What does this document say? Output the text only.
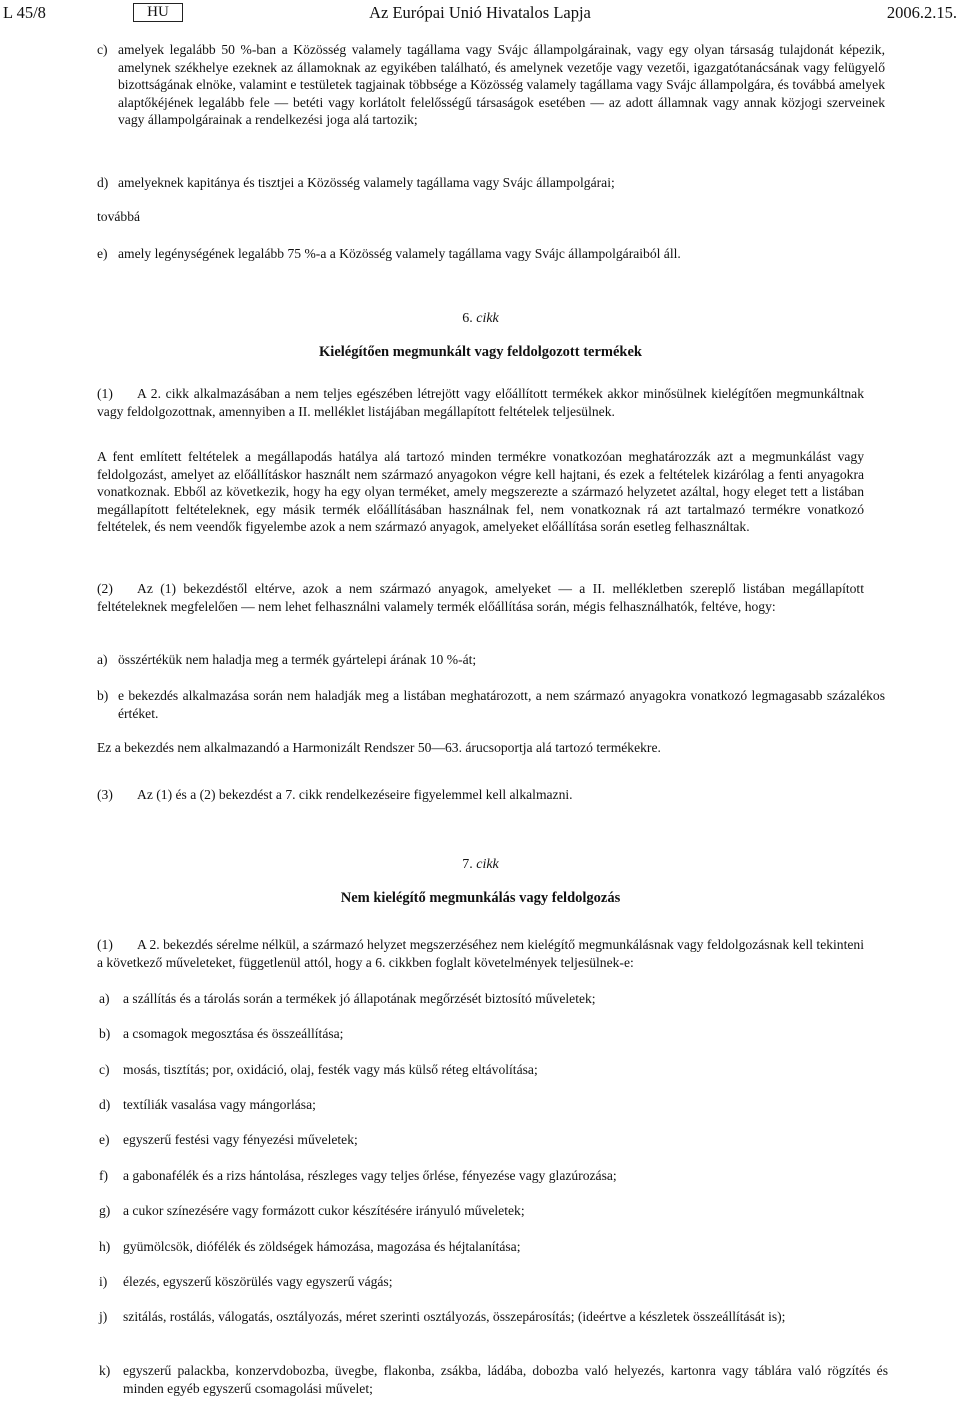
L 45/8	HU	Az Európai Unió Hivatalos Lapja	2006.2.15.

c) amelyek legalább 50 %-ban a Közösség valamely tagállama vagy Svájc állampolgárainak, vagy egy olyan társaság tulajdonát képezik, amelynek székhelye ezeknek az államoknak az egyikében található, és amelynek vezetője vagy vezetői, igazgatótanácsának vagy felügyelő bizottságának elnöke, valamint e testületek tagjainak többsége a Közösség valamely tagállama vagy Svájc állampolgára, és továbbá amelyek alaptőkéjének legalább fele — betéti vagy korlátolt felelősségű társaságok esetében — az adott államnak vagy annak közjogi szerveinek vagy állampolgárainak a rendelkezési joga alá tartozik;

d) amelyeknek kapitánya és tisztjei a Közösség valamely tagállama vagy Svájc állampolgárai;

továbbá

e) amely legénységének legalább 75 %-a a Közösség valamely tagállama vagy Svájc állampolgáraiból áll.

6. cikk

Kielégítően megmunkált vagy feldolgozott termékek

(1) A 2. cikk alkalmazásában a nem teljes egészében létrejött vagy előállított termékek akkor minősülnek kielégítően megmunkáltnak vagy feldolgozottnak, amennyiben a II. melléklet listájában megállapított feltételek teljesülnek.

A fent említett feltételek a megállapodás hatálya alá tartozó minden termékre vonatkozóan meghatározzák azt a megmunkálást vagy feldolgozást, amelyet az előállításkor használt nem származó anyagokon végre kell hajtani, és ezek a feltételek kizárólag a fenti anyagokra vonatkoznak. Ebből az következik, hogy ha egy olyan terméket, amely megszerezte a származó helyzetet azáltal, hogy eleget tett a listában megállapított feltételeknek, egy másik termék előállításában használnak fel, nem vonatkoznak rá azt tartalmazó termékre vonatkozó feltételek, és nem veendők figyelembe azok a nem származó anyagok, amelyeket előállítása során esetleg felhasználtak.

(2) Az (1) bekezdéstől eltérve, azok a nem származó anyagok, amelyeket — a II. mellékletben szereplő listában megállapított feltételeknek megfelelően — nem lehet felhasználni valamely termék előállítása során, mégis felhasználhatók, feltéve, hogy:

a) összértékük nem haladja meg a termék gyártelepi árának 10 %-át;

b) e bekezdés alkalmazása során nem haladják meg a listában meghatározott, a nem származó anyagokra vonatkozó legmagasabb százalékos értéket.

Ez a bekezdés nem alkalmazandó a Harmonizált Rendszer 50—63. árucsoportja alá tartozó termékekre.

(3) Az (1) és a (2) bekezdést a 7. cikk rendelkezéseire figyelemmel kell alkalmazni.

7. cikk

Nem kielégítő megmunkálás vagy feldolgozás

(1) A 2. bekezdés sérelme nélkül, a származó helyzet megszerzéséhez nem kielégítő megmunkálásnak vagy feldolgozásnak kell tekinteni a következő műveleteket, függetlenül attól, hogy a 6. cikkben foglalt követelmények teljesülnek-e:

a) a szállítás és a tárolás során a termékek jó állapotának megőrzését biztosító műveletek;

b) a csomagok megosztása és összeállítása;

c) mosás, tisztítás; por, oxidáció, olaj, festék vagy más külső réteg eltávolítása;

d) textíliák vasalása vagy mángorlása;

e) egyszerű festési vagy fényezési műveletek;

f) a gabonafélék és a rizs hántolása, részleges vagy teljes őrlése, fényezése vagy glazúrozása;

g) a cukor színezésére vagy formázott cukor készítésére irányuló műveletek;

h) gyümölcsök, diófélék és zöldségek hámozása, magozása és héjtalanítása;

i) élezés, egyszerű köszörülés vagy egyszerű vágás;

j) szitálás, rostálás, válogatás, osztályozás, méret szerinti osztályozás, összepárosítás; (ideértve a készletek összeállítását is);

k) egyszerű palackba, konzervdobozba, üvegbe, flakonba, zsákba, ládába, dobozba való helyezés, kartonra vagy táblára való rögzítés és minden egyéb egyszerű csomagolási művelet;
